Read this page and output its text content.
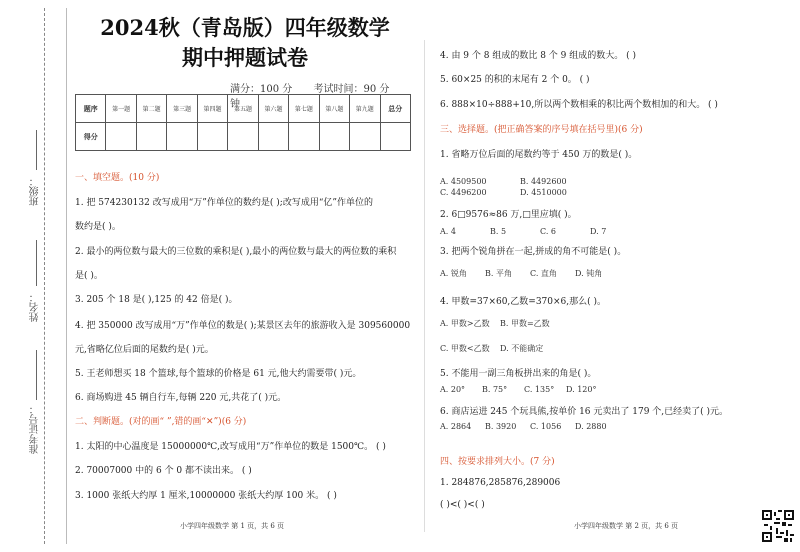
班级：
姓名：
准考证号：
2024秋（青岛版）四年级数学
期中押题试卷
满分：100 分 考试时间：90 分钟
题序	第一题	第二题	第三题	第四题	第五题	第六题	第七题	第八题	第九题	总分
得分										
一、填空题。(10 分)
1. 把 574230132 改写成用“万”作单位的数约是( );改写成用“亿”作单位的
数约是( )。
2. 最小的两位数与最大的三位数的乘积是( ),最小的两位数与最大的两位数的乘积
是( )。
3. 205 个 18 是( ),125 的 42 倍是( )。
4. 把 350000 改写成用“万”作单位的数是( );某景区去年的旅游收入是 309560000
元,省略亿位后面的尾数约是( )元。
5. 王老师想买 18 个篮球,每个篮球的价格是 61 元,他大约需要带( )元。
6. 商场购进 45 辆自行车,每辆 220 元,共花了( )元。
二、判断题。(对的画“ ”,错的画“✕”)(6 分)
1. 太阳的中心温度是 15000000℃,改写成用“万”作单位的数是 1500℃。 ( )
2. 70007000 中的 6 个 0 都不读出来。 ( )
3. 1000 张纸大约厚 1 厘米,10000000 张纸大约厚 100 米。 ( )
小学四年级数学 第 1 页，共 6 页
4. 由 9 个 8 组成的数比 8 个 9 组成的数大。 ( )
5. 60×25 的积的末尾有 2 个 0。 ( )
6. 888×10÷888+10,所以两个数相乘的积比两个数相加的和大。 ( )
三、选择题。(把正确答案的序号填在括号里)(6 分)
1. 省略万位后面的尾数约等于 450 万的数是( )。
A. 4509500	B. 4492600
C. 4496200	D. 4510000
2. 6□9576≈86 万,□里应填( )。
A. 4	B. 5	C. 6	D. 7
3. 把两个锐角拼在一起,拼成的角不可能是( )。
A. 锐角 B. 平角 C. 直角 D. 钝角
4. 甲数=37×60,乙数=370×6,那么( )。
A. 甲数>乙数 B. 甲数=乙数
C. 甲数<乙数 D. 不能确定
5. 不能用一副三角板拼出来的角是( )。
A. 20° B. 75° C. 135° D. 120°
6. 商店运进 245 个玩具熊,按单价 16 元卖出了 179 个,已经卖了( )元。
A. 2864 B. 3920 C. 1056 D. 2880
四、按要求排列大小。(7 分)
1. 284876,285876,289006
( )<( )<( )
小学四年级数学 第 2 页，共 6 页
